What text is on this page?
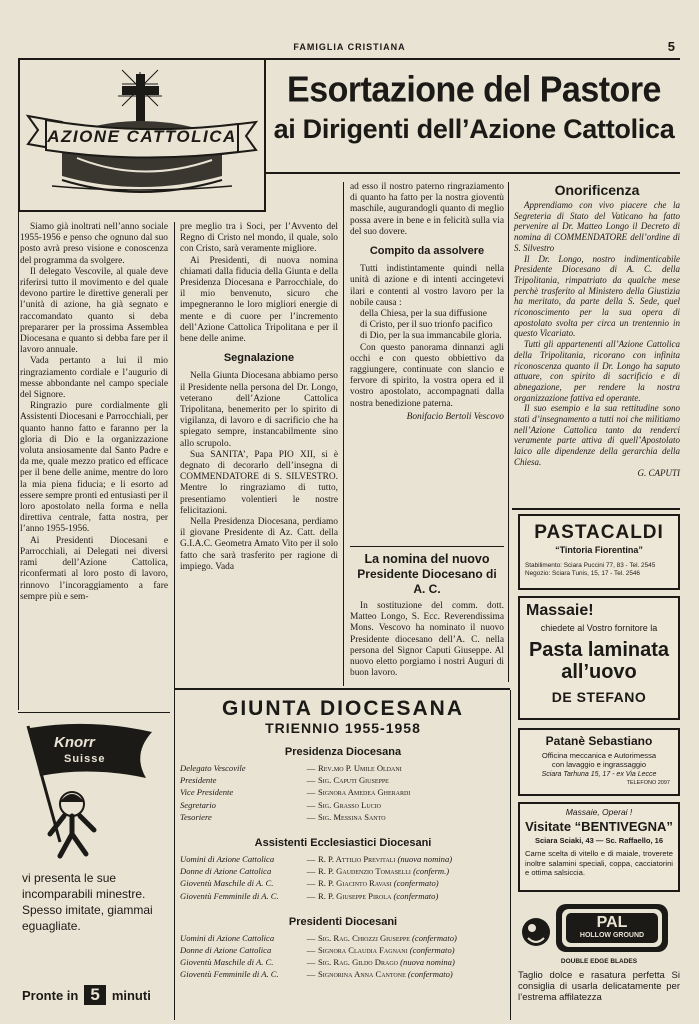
FAMIGLIA CRISTIANA	5
AZIONE CATTOLICA
Esortazione del Pastore
ai Dirigenti dell’Azione Cattolica

Siamo già inoltrati nell’anno sociale 1955-1956 e penso che ognuno dal suo posto avrà preso visione e conoscenza del programma da svolgere.

Il delegato Vescovile, al quale deve riferirsi tutto il movimento e del quale devono partire le direttive generali per l’unità di azione, ha già segnato e raccomandato quanto si deba prepararer per la prossima Assemblea Diocesana e quanto si debba fare per il lavoro annuale.

Vada pertanto a lui il mio ringraziamento cordiale e l’augurio di messe abbondante nel campo speciale del Signore.

Ringrazio pure cordialmente gli Assistenti Diocesani e Parrocchiali, per quanto hanno fatto e faranno per la gloria di Dio e la organizzazione voluta ansiosamente dal Santo Padre e da me, quale mezzo pratico ed efficace per il bene delle anime, mentre do loro la mia piena fiducia; e li esorto ad essere sempre pronti ed entusiasti per il loro apostolato nella forma e nella direttiva centrale, fatta nostra, per l’anno 1955-1956.

Ai Presidenti Diocesani e Parrocchiali, ai Delegati nei diversi rami dell’Azione Cattolica, riconfermati al loro posto di lavoro, rinnovo l’incoraggiamento a fare sempre più e sem-

pre meglio tra i Soci, per l’Avvento del Regno di Cristo nel mondo, il quale, solo con Cristo, sarà veramente migliore.

Ai Presidenti, di nuova nomina chiamati dalla fiducia della Giunta e della Presidenza Diocesana e Parrocchiale, do il mio benvenuto, sicuro che impegneranno le loro migliori energie di mente e di cuore per l’incremento dell’Azione Cattolica Tripolitana e per il bene delle anime.

Segnalazione

Nella Giunta Diocesana abbiamo perso il Presidente nella persona del Dr. Longo, veterano dell’Azione Cattolica Tripolitana, benemerito per lo spirito di vigilanza, di lavoro e di sacrificio che ha spiegato sempre, instancabilmente sino allo scrupolo.

Sua SANITA’, Papa PIO XII, si è degnato di decorarlo dell’insegna di COMMENDATORE di S. SILVESTRO. Mentre lo ringraziamo di tutto, presentiamo volentieri le nostre felicitazioni.

Nella Presidenza Diocesana, perdiamo il giovane Presidente di Az. Catt. della G.I.A.C. Geometra Amato Vito per il solo fatto che sarà trasferito per ragione di impiego. Vada

ad esso il nostro paterno ringraziamento di quanto ha fatto per la nostra gioventù maschile, augurandogli quanto di meglio possa avere in bene e in felicità sulla via del suo dovere.

Compito da assolvere

Tutti indistintamente quindi nella unità di azione e di intenti accingetevi ilari e contenti al vostro lavoro per la nobile causa :

della Chiesa, per la sua diffusione

di Cristo, per il suo trionfo pacifico

di Dio, per la sua immancabile gloria.

Con questo panorama dinnanzi agli occhi e con questo obbiettivo da raggiungere, continuate con slancio e fervore di spirito, la vostra opera ed il vostro apostolato, accompagnati dalla nostra benedizione paterna.

Bonifacio Bertoli Vescovo

La nomina del nuovo
Presidente Diocesano di A. C.

In sostituzione del comm. dott. Matteo Longo, S. Ecc. Reverendissima Mons. Vescovo ha nominato il nuovo Presidente diocesano dell’A. C. nella persona del Signor Caputi Giuseppe. Al nuovo eletto porgiamo i nostri Auguri di buon lavoro.

Onorificenza

Apprendiamo con vivo piacere che la Segreteria di Stato del Vaticano ha fatto pervenire al Dr. Matteo Longo il Decreto di nomina di COMMENDATORE dell’ordine di S. Silvestro

Il Dr. Longo, nostro indimenticabile Presidente Diocesano di A. C. della Tripolitania, rimpatriato da qualche mese perchè trasferito al Ministero della Giustizia ha meritato, da parte della S. Sede, quel riconoscimento per la sua opera di apostolato svolta per circa un trentennio in questo Vicariato.

Tutti gli appartenenti all’Azione Cattolica della Tripolitania, ricorano con infinita riconoscenza quanto il Dr. Longo ha saputo attuare, con spirito di sacrificio e di abnegazione, per rendere la nostra organizzazione fattiva ed operante.

Il suo esempio e la sua rettitudine sono stati d’insegnamento a tutti noi che militiamo nell’Azione Cattolica tanto da renderci veramente parte attiva di quell’Apostolato laico alle dipendenze della gerarchia della Chiesa.

G. CAPUTI

PASTACALDI
“Tintoria Fiorentina”
Stabilimento: Sciara Puccini 77, 83 - Tel. 2545
Negozio: Sciara Tunis, 15, 17 - Tel. 2546
Massaie!
chiedete al Vostro fornitore la
Pasta laminata
all’uovo
DE STEFANO
Patanè Sebastiano
Officina meccanica e Autorimessa
con lavaggio e ingrassaggio
Sciara Tarhuna 15, 17 - ex Via Lecce
TELEFONO 2097
Massaie, Operai !
Visitate “BENTIVEGNA”
Sciara Sciaki, 43 — Sc. Raffaello, 16
Carne scelta di vitello e di maiale, troverete inoltre salamini speciali, coppa, cacciatorini e ottima salsiccia.
PAL
HOLLOW GROUND
DOUBLE EDGE BLADES
Taglio dolce e rasatura perfetta Si consiglia di usarla delicatamente per l’estrema affilatezza
Knorr
Suisse
vi presenta le sue incomparabili minestre. Spesso imitate, giammai eguagliate.
Pronte in 5 minuti
GIUNTA DIOCESANA
TRIENNIO 1955-1958
Presidenza Diocesana
Delegato Vescovile	— Rev.mo P. Umile Oldani
Presidente	— Sig. Caputi Giuseppe
Vice Presidente	— Signora Amedea Gherardi
Segretario	— Sig. Grasso Lucio
Tesoriere	— Sig. Messina Santo
Assistenti Ecclesiastici Diocesani
Uomini di Azione Cattolica	— R. P. Attilio Previtali (nuova nomina)
Donne di Azione Cattolica	— R. P. Gaudenzio Tomaselli (conferm.)
Gioventù Maschile di A. C.	— R. P. Giacinto Ravasi (confermato)
Gioventù Femminile di A. C.	— R. P. Giuseppe Pirola (confermato)
Presidenti Diocesani
Uomini di Azione Cattolica	— Sig. Rag. Chiozzi Giuseppe (confermato)
Donne di Azione Cattolica	— Signora Claudia Fagnani (confermato)
Gioventù Maschile di A. C.	— Sig. Rag. Gildo Drago (nuova nomina)
Gioventù Femminile di A. C.	— Signorina Anna Cantone (confermato)
